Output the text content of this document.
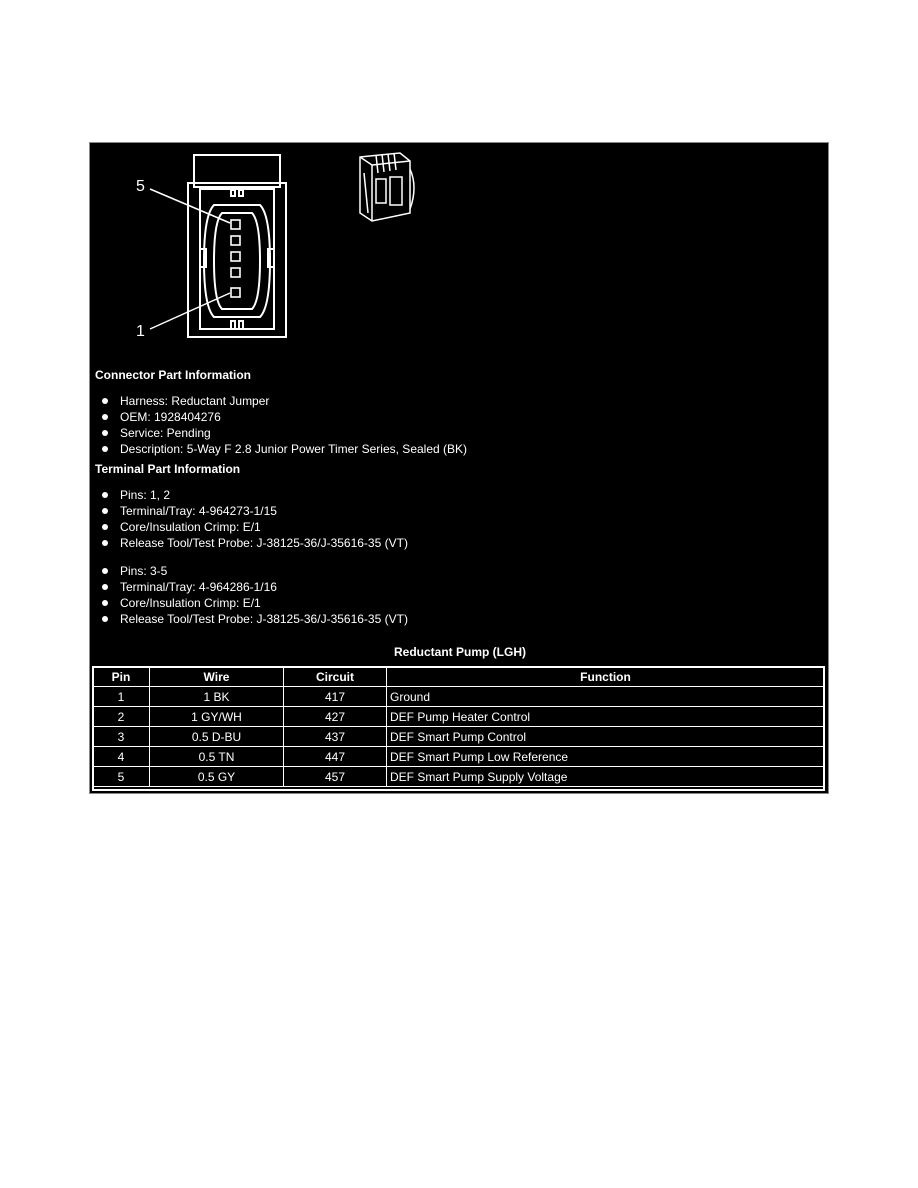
5
1
Connector Part Information
Harness: Reductant Jumper
OEM: 1928404276
Service: Pending
Description: 5-Way F 2.8 Junior Power Timer Series, Sealed (BK)
Terminal Part Information
Pins: 1, 2
Terminal/Tray: 4-964273-1/15
Core/Insulation Crimp: E/1
Release Tool/Test Probe: J-38125-36/J-35616-35 (VT)
Pins: 3-5
Terminal/Tray: 4-964286-1/16
Core/Insulation Crimp: E/1
Release Tool/Test Probe: J-38125-36/J-35616-35 (VT)
Reductant Pump (LGH)
Pin	Wire	Circuit	Function
1	1 BK	417	Ground
2	1 GY/WH	427	DEF Pump Heater Control
3	0.5 D-BU	437	DEF Smart Pump Control
4	0.5 TN	447	DEF Smart Pump Low Reference
5	0.5 GY	457	DEF Smart Pump Supply Voltage
